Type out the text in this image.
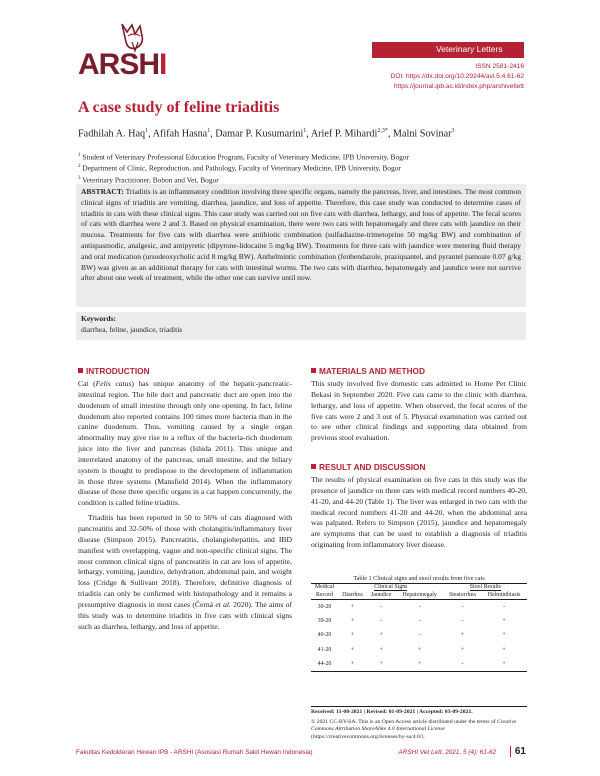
ARSHI	Veterinary Letters
ISSN 2581-2416
DOI: https://dx.doi.org/10.29244/avl.5.4.61-62
https://journal.ipb.ac.id/index.php/arshivetlett
A case study of feline triaditis
Fadhilah A. Haq$^1$, Afifah Hasna$^1$, Damar P. Kusumarini$^1$, Arief P. Mihardi$^{2,3*}$, Malni Sovinar$^3$
$^1$ Student of Veterinary Professional Education Program, Faculty of Veterinary Medicine, IPB University, Bogor
$^2$ Department of Clinic, Reproduction, and Pathology, Faculty of Veterinary Medicine, IPB University, Bogor
$^3$ Veterinary Practitioner, Bobon and Vet, Bogor
ABSTRACT: Triaditis is an inflammatory condition involving three specific organs, namely the pancreas, liver, and intestines. The most common clinical signs of triaditis are vomiting, diarrhea, jaundice, and loss of appetite. Therefore, this case study was conducted to determine cases of triaditis in cats with these clinical signs. This case study was carried out on five cats with diarrhea, lethargy, and loss of appetite. The fecal scores of cats with diarrhea were 2 and 3. Based on physical examination, there were two cats with hepatomegaly and three cats with jaundice on their mucosa. Treatments for five cats with diarrhea were antibiotic combination (sulfadiazine-trimetoprine 50 mg/kg BW) and combination of antispasmodic, analgesic, and antipyretic (dipyrone-lidocaine 5 mg/kg BW). Treatments for three cats with jaundice were metering fluid therapy and oral medication (ursodeoxycholic acid 8 mg/kg BW). Anthelmintic combination (fenbendazole, praziquantel, and pyrantel pamoate 0.07 g/kg BW) was given as an additional therapy for cats with intestinal worms. The two cats with diarrhea, hepatomegaly and jaundice were not survive after about one week of treatment, while the other one can survive until now.
Keywords:
diarrhea, feline, jaundice, triaditis
INTRODUCTION

Cat (Felis catus) has unique anatomy of the hepatic-pancreatic-intestinal region. The bile duct and pancreatic duct are open into the duodenum of small intestine through only one opening. In fact, feline duodenum also reported contains 100 times more bacteria than in the canine duodenum. Thus, vomiting caused by a single organ abnormality may give rise to a reflux of the bacteria-rich duodenum juice into the liver and pancreas (Ishida 2011). This unique and interrelated anatomy of the pancreas, small intestine, and the biliary system is thought to predispose to the development of inflammation in those three systems (Mansfield 2014). When the inflammatory disease of those three specific organs in a cat happen concurrently, the condition is called feline triaditis.

Triaditis has been reported in 50 to 56% of cats diagnosed with pancreatitis and 32-50% of those with cholangitis/inflammatory liver disease (Simpson 2015). Pancreatitis, cholangiohepatitis, and IBD manifest with overlapping, vague and non-specific clinical signs. The most common clinical signs of pancreatitis in cat are loss of appetite, lethargy, vomiting, jaundice, dehydration, abdominal pain, and weight loss (Cridge & Sullivant 2018). Therefore, definitive diagnosis of triaditis can only be confirmed with histopathology and it remains a presumptive diagnosis in most cases (Černá et al. 2020). The aims of this study was to determine triaditis in five cats with clinical signs such as diarrhea, lethargy, and loss of appetite.

MATERIALS AND METHOD
This study involved five domestic cats admitted to Home Pet Clinic Bekasi in September 2020. Five cats came to the clinic with diarrhea, lethargy, and loss of appetite. When observed, the fecal scores of the five cats were 2 and 3 out of 5. Physical examination was carried out to see other clinical findings and supporting data obtained from previous stool evaluation.
RESULT AND DISCUSSION
The results of physical examination on five cats in this study was the presence of jaundice on three cats with medical record numbers 40-20, 41-20, and 44-20 (Table 1). The liver was enlarged in two cats with the medical record numbers 41-20 and 44-20, when the abdominal area was palpated. Refers to Simpson (2015), jaundice and hepatomegaly are symptoms that can be used to establish a diagnosis of triaditis originating from inflammatory liver disease.
Table 1 Clinical signs and stool results from five cats
Medical	Clinical Signs			Stool Results	
Record	Diarrhea	Jaundice	Hepatomegaly	Steatorrhea	Helminthiasis
30-20	+	-	-	-	-
39-20	+	-	-	-	+
40-20	+	+	-	+	+
41-20	+	+	+	+	+
44-20	+	+	+	-	+
Received: 11-08-2021 | Revised: 01-09-2021 | Accepted: 03-09-2021.
© 2021 CC-BY-SA. This is an Open Access article distributed under the terms of Creative Commons Attribution ShareAlike 4.0 International License (https://creativecommons.org/licenses/by-sa/4.0/).
Fakultas Kedokteran Hewan IPB - ARSHI (Asosiasi Rumah Sakit Hewan Indonesia)	ARSHI Vet Lett, 2021, 5 (4): 61-62	61
